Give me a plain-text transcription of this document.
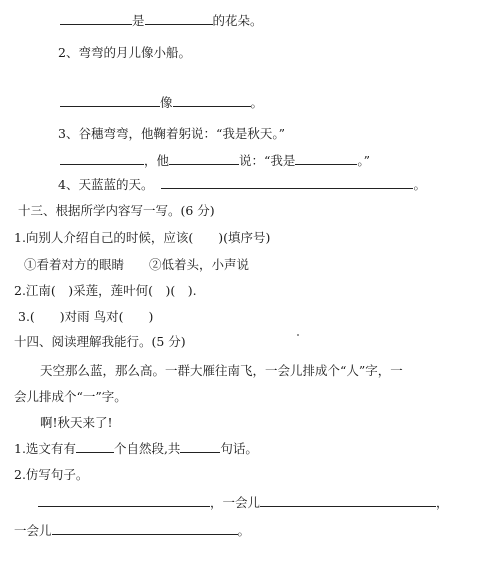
是	的花朵。
2、弯弯的月儿像小船。
像	。
3、谷穗弯弯，他鞠着躬说：“我是秋天。”
，他	说：“我是	。”
4、天蓝蓝的天。	。
十三、根据所学内容写一写。(6 分)
1.向别人介绍自己的时候，应该(　　)(填序号)
①看着对方的眼睛　　②低着头，小声说
2.江南(　)采莲，莲叶何(　)(　).
3.(　　)对雨 鸟对(　　)
十四、阅读理解我能行。(5 分)
天空那么蓝，那么高。一群大雁往南飞，一会儿排成个“人”字，一
会儿排成个“一”字。
啊!秋天来了!
1.选文有有	个自然段,共	句话。
2.仿写句子。
，一会儿	，
一会儿	。
